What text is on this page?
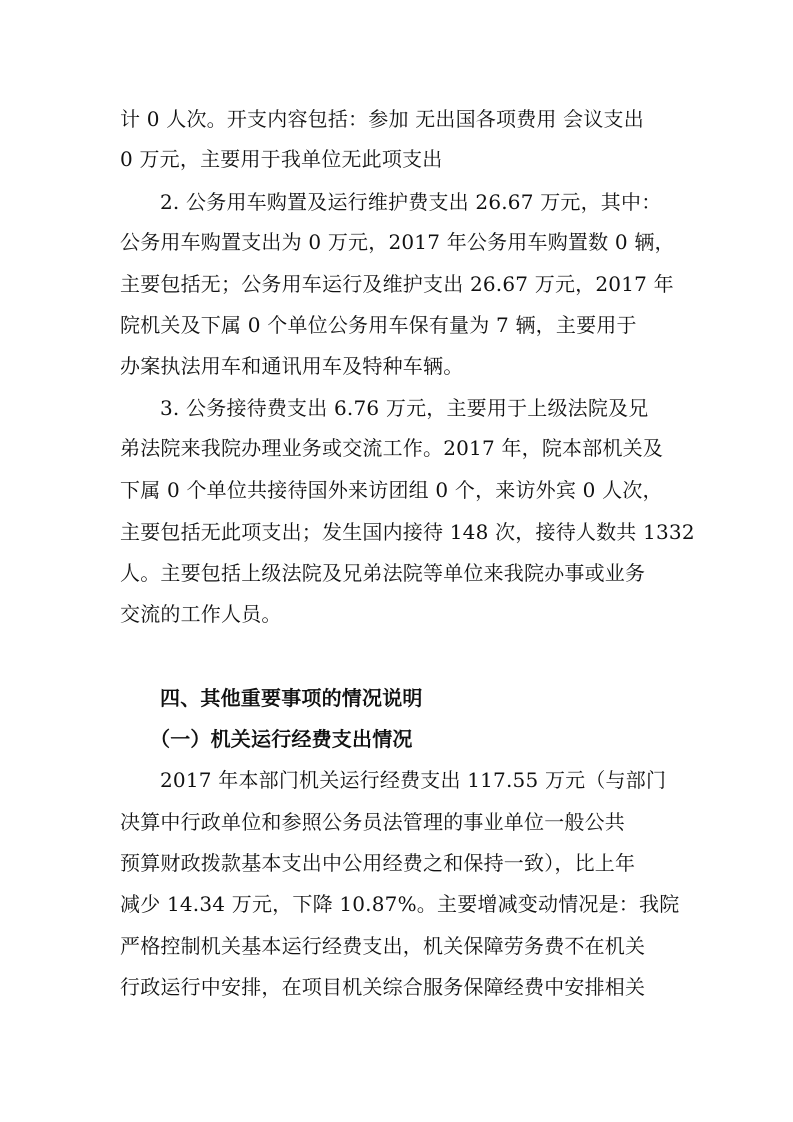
计 0 人次。开支内容包括：参加 无出国各项费用 会议支出
0 万元，主要用于我单位无此项支出
2. 公务用车购置及运行维护费支出 26.67 万元，其中：
公务用车购置支出为 0 万元，2017 年公务用车购置数 0 辆，
主要包括无；公务用车运行及维护支出 26.67 万元，2017 年
院机关及下属 0 个单位公务用车保有量为 7 辆，主要用于
办案执法用车和通讯用车及特种车辆。
3. 公务接待费支出 6.76 万元，主要用于上级法院及兄
弟法院来我院办理业务或交流工作。2017 年，院本部机关及
下属 0 个单位共接待国外来访团组 0 个，来访外宾 0 人次，
主要包括无此项支出；发生国内接待 148 次，接待人数共 1332
人。主要包括上级法院及兄弟法院等单位来我院办事或业务
交流的工作人员。
四、其他重要事项的情况说明
（一）机关运行经费支出情况
2017 年本部门机关运行经费支出 117.55 万元（与部门
决算中行政单位和参照公务员法管理的事业单位一般公共
预算财政拨款基本支出中公用经费之和保持一致），比上年
减少 14.34 万元，下降 10.87%。主要增减变动情况是：我院
严格控制机关基本运行经费支出，机关保障劳务费不在机关
行政运行中安排，在项目机关综合服务保障经费中安排相关
